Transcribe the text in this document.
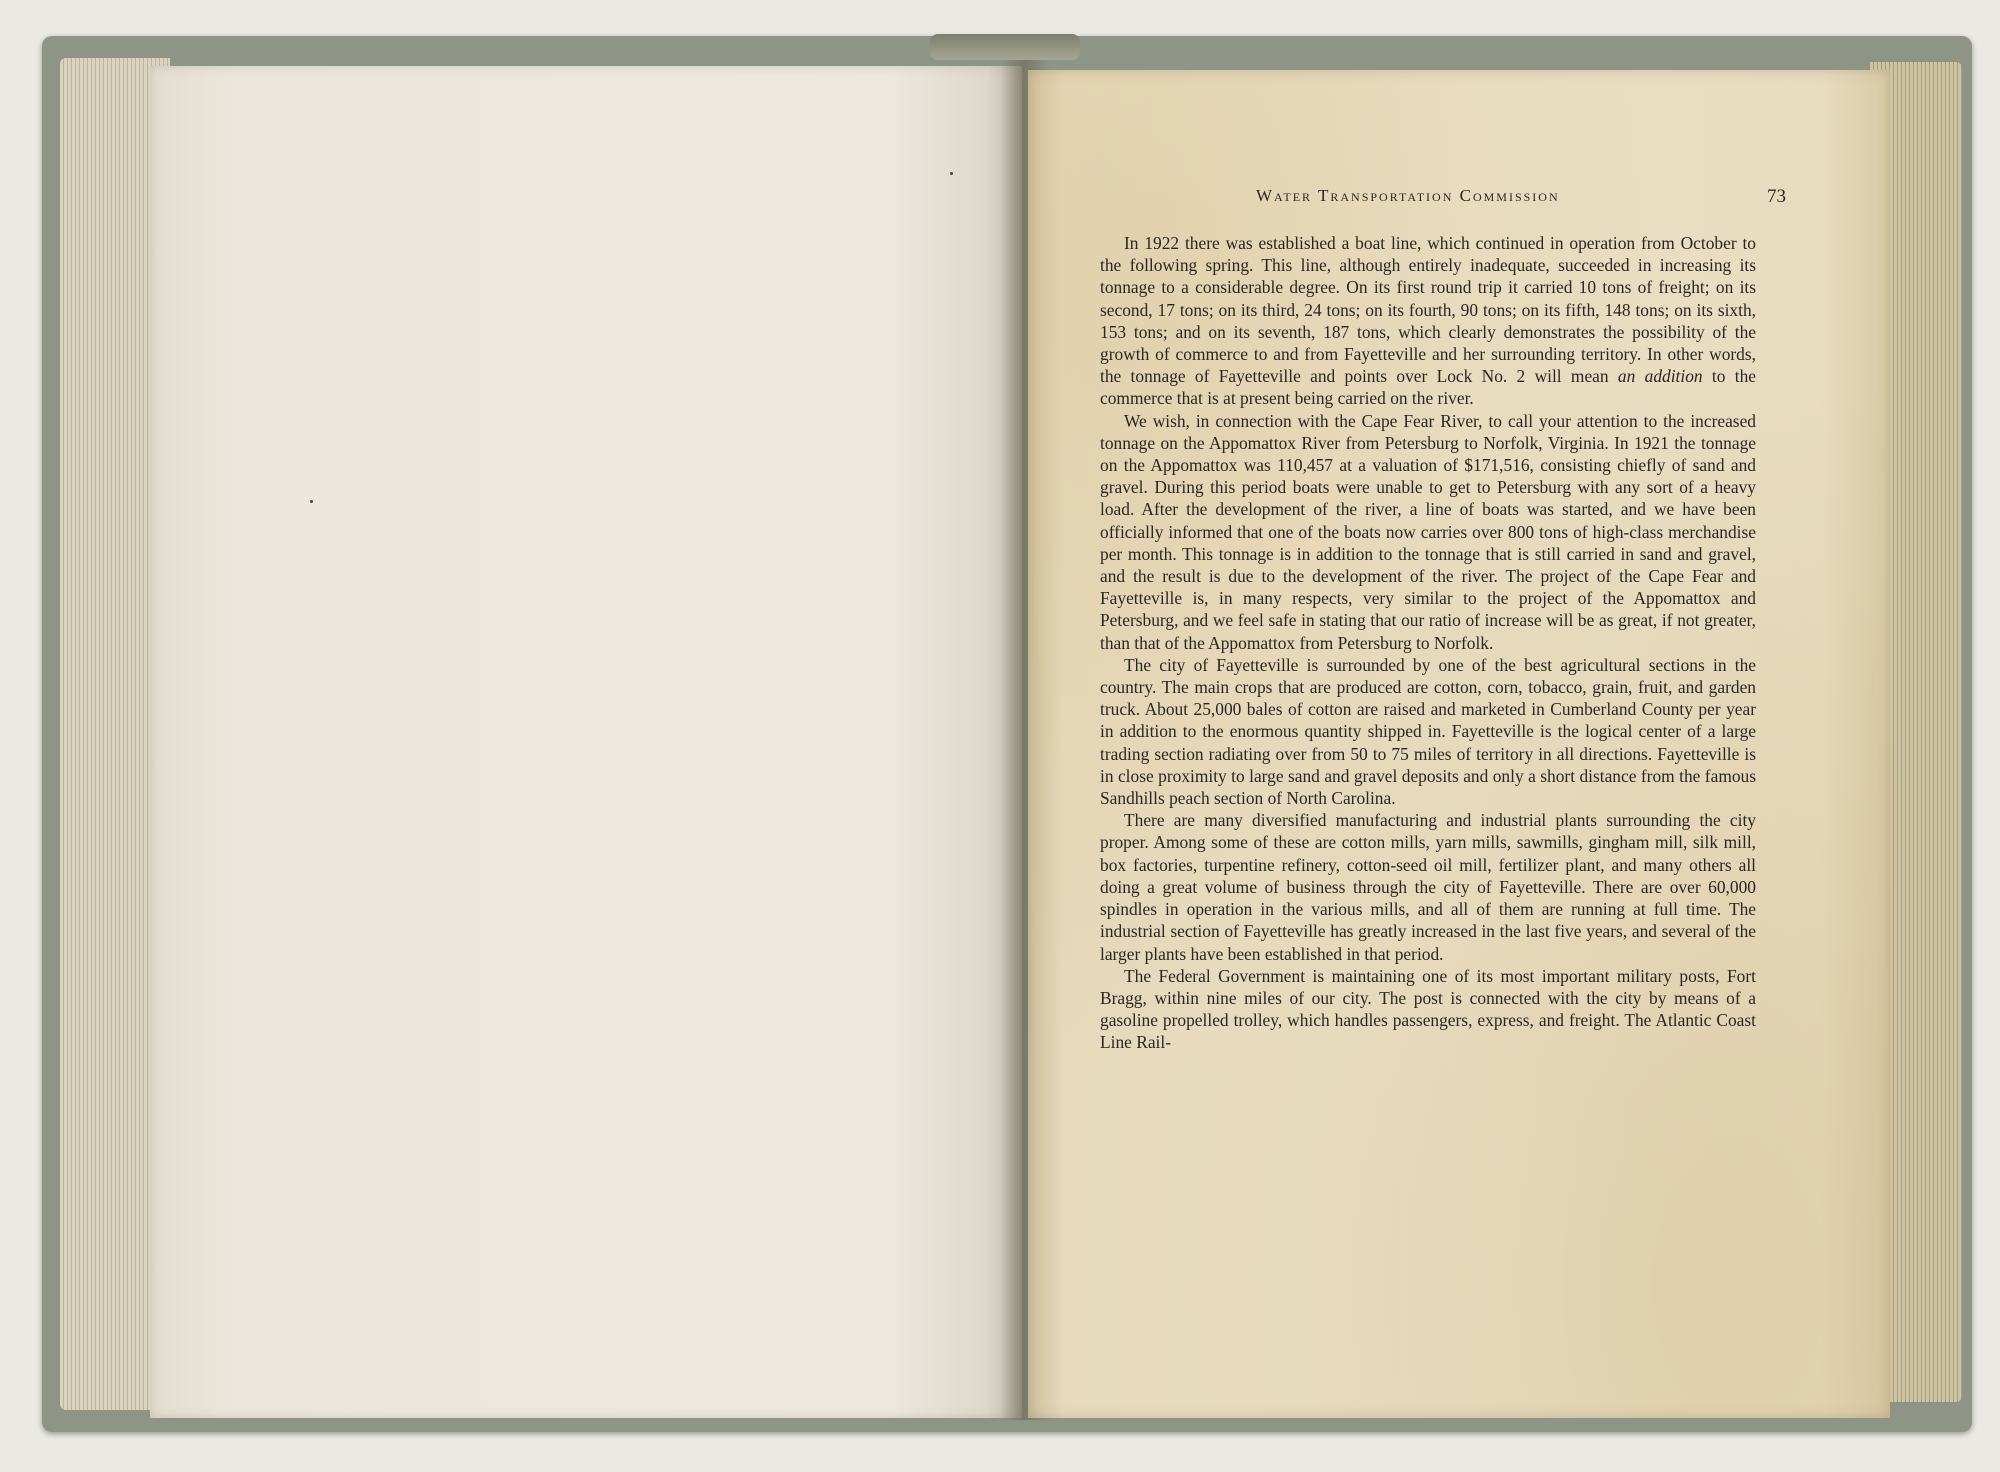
Water Transportation Commission	73

In 1922 there was established a boat line, which continued in operation from October to the following spring. This line, although entirely inadequate, succeeded in increasing its tonnage to a considerable degree. On its first round trip it carried 10 tons of freight; on its second, 17 tons; on its third, 24 tons; on its fourth, 90 tons; on its fifth, 148 tons; on its sixth, 153 tons; and on its seventh, 187 tons, which clearly demonstrates the possibility of the growth of commerce to and from Fayetteville and her surrounding territory. In other words, the tonnage of Fayetteville and points over Lock No. 2 will mean an addition to the commerce that is at present being carried on the river.

We wish, in connection with the Cape Fear River, to call your attention to the increased tonnage on the Appomattox River from Petersburg to Norfolk, Virginia. In 1921 the tonnage on the Appomattox was 110,457 at a valuation of $171,516, consisting chiefly of sand and gravel. During this period boats were unable to get to Petersburg with any sort of a heavy load. After the development of the river, a line of boats was started, and we have been officially informed that one of the boats now carries over 800 tons of high-class merchandise per month. This tonnage is in addition to the tonnage that is still carried in sand and gravel, and the result is due to the development of the river. The project of the Cape Fear and Fayetteville is, in many respects, very similar to the project of the Appomattox and Petersburg, and we feel safe in stating that our ratio of increase will be as great, if not greater, than that of the Appomattox from Petersburg to Norfolk.

The city of Fayetteville is surrounded by one of the best agricultural sections in the country. The main crops that are produced are cotton, corn, tobacco, grain, fruit, and garden truck. About 25,000 bales of cotton are raised and marketed in Cumberland County per year in addition to the enormous quantity shipped in. Fayetteville is the logical center of a large trading section radiating over from 50 to 75 miles of territory in all directions. Fayetteville is in close proximity to large sand and gravel deposits and only a short distance from the famous Sandhills peach section of North Carolina.

There are many diversified manufacturing and industrial plants surrounding the city proper. Among some of these are cotton mills, yarn mills, sawmills, gingham mill, silk mill, box factories, turpentine refinery, cotton-seed oil mill, fertilizer plant, and many others all doing a great volume of business through the city of Fayetteville. There are over 60,000 spindles in operation in the various mills, and all of them are running at full time. The industrial section of Fayetteville has greatly increased in the last five years, and several of the larger plants have been established in that period.

The Federal Government is maintaining one of its most important military posts, Fort Bragg, within nine miles of our city. The post is connected with the city by means of a gasoline propelled trolley, which handles passengers, express, and freight. The Atlantic Coast Line Rail-
